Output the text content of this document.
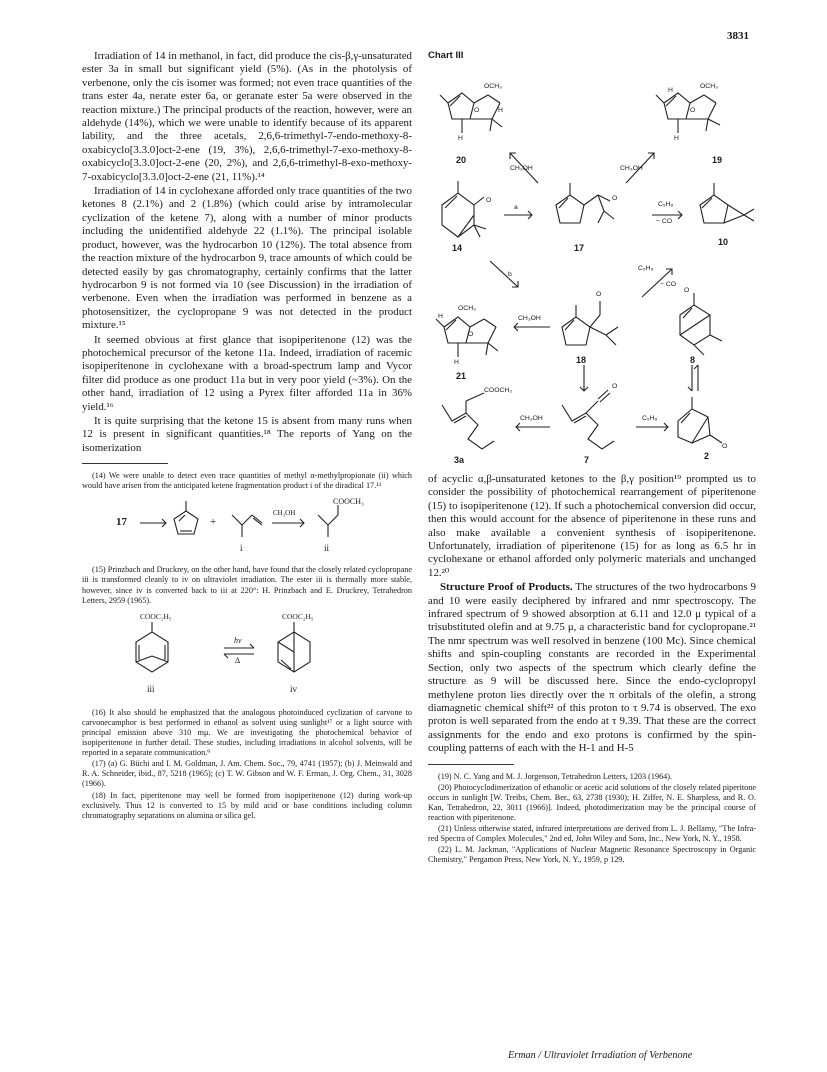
3831

Irradiation of 14 in methanol, in fact, did produce the cis-β,γ-unsaturated ester 3a in small but significant yield (5%). (As in the photolysis of verbenone, only the cis isomer was formed; not even trace quantities of the trans ester 4a, nerate ester 6a, or geranate ester 5a were observed in the reaction mixture.) The principal products of the reaction, however, were an aldehyde (14%), which we were unable to identify because of its apparent lability, and the three acetals, 2,6,6-trimethyl-7-endo-methoxy-8-oxabicyclo[3.3.0]oct-2-ene (19, 3%), 2,6,6-trimethyl-7-exo-methoxy-8-oxabicyclo[3.3.0]oct-2-ene (20, 2%), and 2,6,6-trimethyl-8-exo-methoxy-7-oxabicyclo[3.3.0]oct-2-ene (21, 11%).¹⁴

Irradiation of 14 in cyclohexane afforded only trace quantities of the two ketones 8 (2.1%) and 2 (1.8%) (which could arise by intramolecular cyclization of the ketene 7), along with a number of minor products including the unidentified aldehyde 22 (1.1%). The principal isolable product, however, was the hydrocarbon 10 (12%). The total absence from the reaction mixture of the hydrocarbon 9, trace amounts of which could be detected easily by gas chromatography, certainly confirms that the latter hydrocarbon 9 is not formed via 10 (see Discussion) in the irradiation of verbenone. Even when the irradiation was performed in benzene as a photosensitizer, the cyclopropane 9 was not detected in the product mixture.¹⁵

It seemed obvious at first glance that isopiperitenone (12) was the photochemical precursor of the ketone 11a. Indeed, irradiation of racemic isopiperitenone in cyclohexane with a broad-spectrum lamp and Vycor filter did produce as one product 11a but in very poor yield (~3%). On the other hand, irradiation of 12 using a Pyrex filter afforded 11a in 36% yield.¹⁶

It is quite surprising that the ketone 15 is absent from many runs when 12 is present in significant quantities.¹⁸ The reports of Yang on the isomerization

(14) We were unable to detect even trace quantities of methyl α-methylpropionate (ii) which would have arisen from the anticipated ketene fragmentation product i of the diradical 17.¹³

17	+
CH₃OH
COOCH₃
i	ii

(15) Prinzbach and Druckrey, on the other hand, have found that the closely related cyclopropane iii is transformed cleanly to iv on ultraviolet irradiation. The ester iii is thermally more stable, however, since iv is converted back to iii at 220°: H. Prinzbach and E. Druckrey, Tetrahedron Letters, 2959 (1965).

COOC₂H₅	COOC₂H₅
hν
Δ
iii	iv

(16) It also should be emphasized that the analogous photoinduced cyclization of carvone to carvonecamphor is best performed in ethanol as solvent using sunlight¹⁷ or a light source with principal emission above 310 mμ. We are investigating the photochemical behavior of isopiperitenone in further detail. These studies, including irradiations in alcohol solvents, will be reported in a separate communication.⁹

(17) (a) G. Büchi and I. M. Goldman, J. Am. Chem. Soc., 79, 4741 (1957); (b) J. Meinwald and R. A. Schneider, ibid., 87, 5218 (1965); (c) T. W. Gibson and W. F. Erman, J. Org. Chem., 31, 3028 (1966).

(18) In fact, piperitenone may well be formed from isopiperitenone (12) during work-up exclusively. Thus 12 is converted to 15 by mild acid or base conditions including column chromatography separations on alumina or silica gel.

Chart III
20	19
14	17
10
21
18	8
3a	7	2
OCH₃
O
H
H
OCH₃
O
H
H
O	O
OCH₃
O
H
H
O
O
COOCH₃
O
O
CH₃OH	CH₃OH
a
b
C₅H₈
− CO
C₅H₈
− CO
CH₃OH
CH₃OH	C₅H₈

of acyclic α,β-unsaturated ketones to the β,γ position¹⁹ prompted us to consider the possibility of photochemical rearrangement of piperitenone (15) to isopiperitenone (12). If such a photochemical conversion did occur, then this would account for the absence of piperitenone in these runs and also make available a convenient synthesis of isopiperitenone. Unfortunately, irradiation of piperitenone (15) for as long as 6.5 hr in cyclohexane or ethanol afforded only polymeric materials and unchanged 12.²⁰

Structure Proof of Products. The structures of the two hydrocarbons 9 and 10 were easily deciphered by infrared and nmr spectroscopy. The infrared spectrum of 9 showed absorption at 6.11 and 12.0 μ typical of a trisubstituted olefin and at 9.75 μ, a characteristic band for cyclopropane.²¹ The nmr spectrum was well resolved in benzene (100 Mc). Since chemical shifts and spin-coupling constants are recorded in the Experimental Section, only two aspects of the spectrum which clearly define the structure as 9 will be discussed here. Since the endo-cyclopropyl methylene proton lies directly over the π orbitals of the olefin, a strong diamagnetic chemical shift²² of this proton to τ 9.74 is observed. The exo proton is well separated from the endo at τ 9.39. That these are the correct assignments for the endo and exo protons is confirmed by the spin-coupling patterns of each with the H-1 and H-5

(19) N. C. Yang and M. J. Jorgenson, Tetrahedron Letters, 1203 (1964).

(20) Photocyclodimerization of ethanolic or acetic acid solutions of the closely related piperitone occurs in sunlight [W. Treibs, Chem. Ber., 63, 2738 (1930); H. Ziffer, N. E. Sharpless, and R. O. Kan, Tetrahedron, 22, 3011 (1966)]. Indeed, photodimerization may be the principal course of reaction with piperitenone.

(21) Unless otherwise stated, infrared interpretations are derived from L. J. Bellamy, "The Infra-red Spectra of Complex Molecules," 2nd ed, John Wiley and Sons, Inc., New York, N. Y., 1958.

(22) L. M. Jackman, "Applications of Nuclear Magnetic Resonance Spectroscopy in Organic Chemistry," Pergamon Press, New York, N. Y., 1959, p 129.

Erman / Ultraviolet Irradiation of Verbenone
